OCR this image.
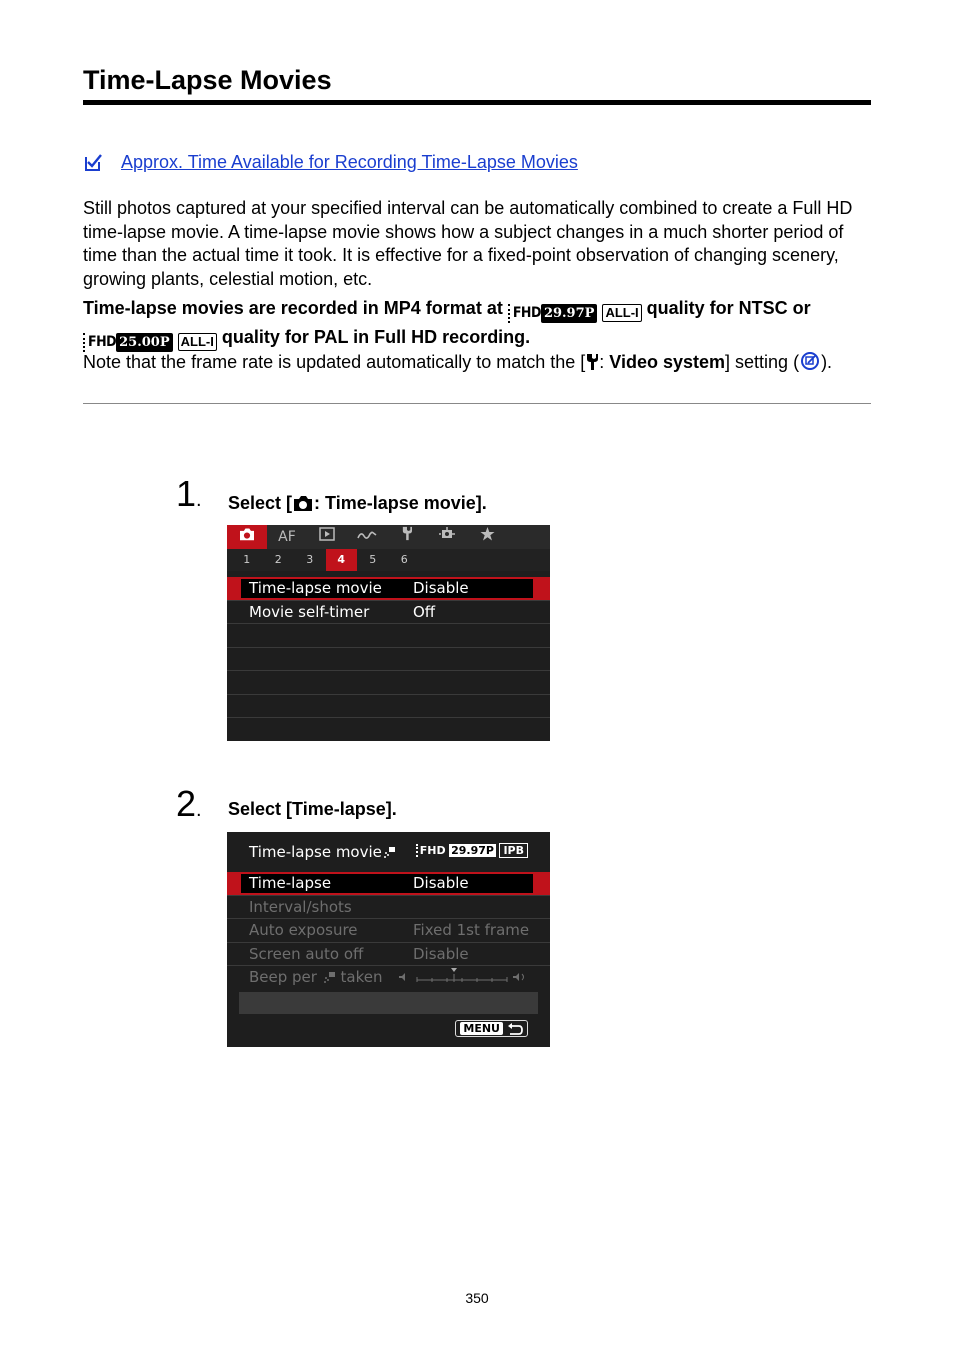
Time-Lapse Movies
Approx. Time Available for Recording Time-Lapse Movies

Still photos captured at your specified interval can be automatically combined to create a Full HD time-lapse movie. A time-lapse movie shows how a subject changes in a much shorter period of time than the actual time it took. It is effective for a fixed-point observation of changing scenery, growing plants, celestial motion, etc.

Time-lapse movies are recorded in MP4 format at FHD 29.97P ALL-I quality for NTSC or
FHD 25.00P ALL-I quality for PAL in Full HD recording.

Note that the frame rate is updated automatically to match the [ : Video system] setting ( ).

1. Select [ : Time-lapse movie].
AF
1	2	3	4	5	6
Time-lapse movie Disable
Movie self-timer	Off
2. Select [Time-lapse].
Time-lapse movie	FHD 29.97P IPB
Time-lapse	Disable
Interval/shots
Auto exposure	Fixed 1st frame
Screen auto off	Disable
Beep per taken
MENU
350
